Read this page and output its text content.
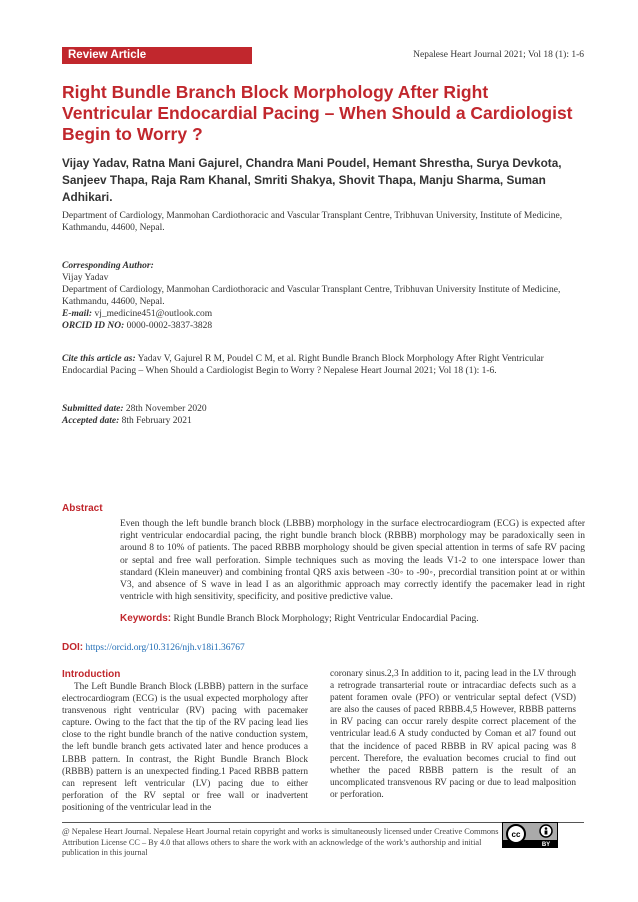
Review Article	Nepalese Heart Journal 2021; Vol 18 (1): 1-6
Right Bundle Branch Block Morphology After Right Ventricular Endocardial Pacing – When Should a Cardiologist Begin to Worry ?
Vijay Yadav, Ratna Mani Gajurel, Chandra Mani Poudel, Hemant Shrestha, Surya Devkota, Sanjeev Thapa, Raja Ram Khanal, Smriti Shakya, Shovit Thapa, Manju Sharma, Suman Adhikari.
Department of Cardiology, Manmohan Cardiothoracic and Vascular Transplant Centre, Tribhuvan University, Institute of Medicine, Kathmandu, 44600, Nepal.
Corresponding Author:
Vijay Yadav
Department of Cardiology, Manmohan Cardiothoracic and Vascular Transplant Centre, Tribhuvan University Institute of Medicine, Kathmandu, 44600, Nepal.
E-mail: vj_medicine451@outlook.com
ORCID ID NO: 0000-0002-3837-3828
Cite this article as: Yadav V, Gajurel R M, Poudel C M, et al. Right Bundle Branch Block Morphology After Right Ventricular Endocardial Pacing – When Should a Cardiologist Begin to Worry ? Nepalese Heart Journal 2021; Vol 18 (1): 1-6.
Submitted date: 28th November 2020
Accepted date: 8th February 2021
Abstract
Even though the left bundle branch block (LBBB) morphology in the surface electrocardiogram (ECG) is expected after right ventricular endocardial pacing, the right bundle branch block (RBBB) morphology may be paradoxically seen in around 8 to 10% of patients. The paced RBBB morphology should be given special attention in terms of safe RV pacing or septal and free wall perforation. Simple techniques such as moving the leads V1-2 to one interspace lower than standard (Klein maneuver) and combining frontal QRS axis between -30◦ to -90◦, precordial transition point at or within V3, and absence of S wave in lead I as an algorithmic approach may correctly identify the pacemaker lead in right ventricle with high sensitivity, specificity, and positive predictive value.
Keywords: Right Bundle Branch Block Morphology; Right Ventricular Endocardial Pacing.
DOI: https://orcid.org/10.3126/njh.v18i1.36767
Introduction
The Left Bundle Branch Block (LBBB) pattern in the surface electrocardiogram (ECG) is the usual expected morphology after transvenous right ventricular (RV) pacing with pacemaker capture. Owing to the fact that the tip of the RV pacing lead lies close to the right bundle branch of the native conduction system, the left bundle branch gets activated later and hence produces a LBBB pattern. In contrast, the Right Bundle Branch Block (RBBB) pattern is an unexpected finding.1 Paced RBBB pattern can represent left ventricular (LV) pacing due to either perforation of the RV septal or free wall or inadvertent positioning of the ventricular lead in the
coronary sinus.2,3 In addition to it, pacing lead in the LV through a retrograde transarterial route or intracardiac defects such as a patent foramen ovale (PFO) or ventricular septal defect (VSD) are also the causes of paced RBBB.4,5 However, RBBB patterns in RV pacing can occur rarely despite correct placement of the ventricular lead.6 A study conducted by Coman et al7 found out that the incidence of paced RBBB in RV apical pacing was 8 percent. Therefore, the evaluation becomes crucial to find out whether the paced RBBB pattern is the result of an uncomplicated transvenous RV pacing or due to lead malposition or perforation.
@ Nepalese Heart Journal. Nepalese Heart Journal retain copyright and works is simultaneously licensed under Creative Commons Attribution License CC – By 4.0 that allows others to share the work with an acknowledge of the work’s authorship and initial publication in this journal
cc
BY
